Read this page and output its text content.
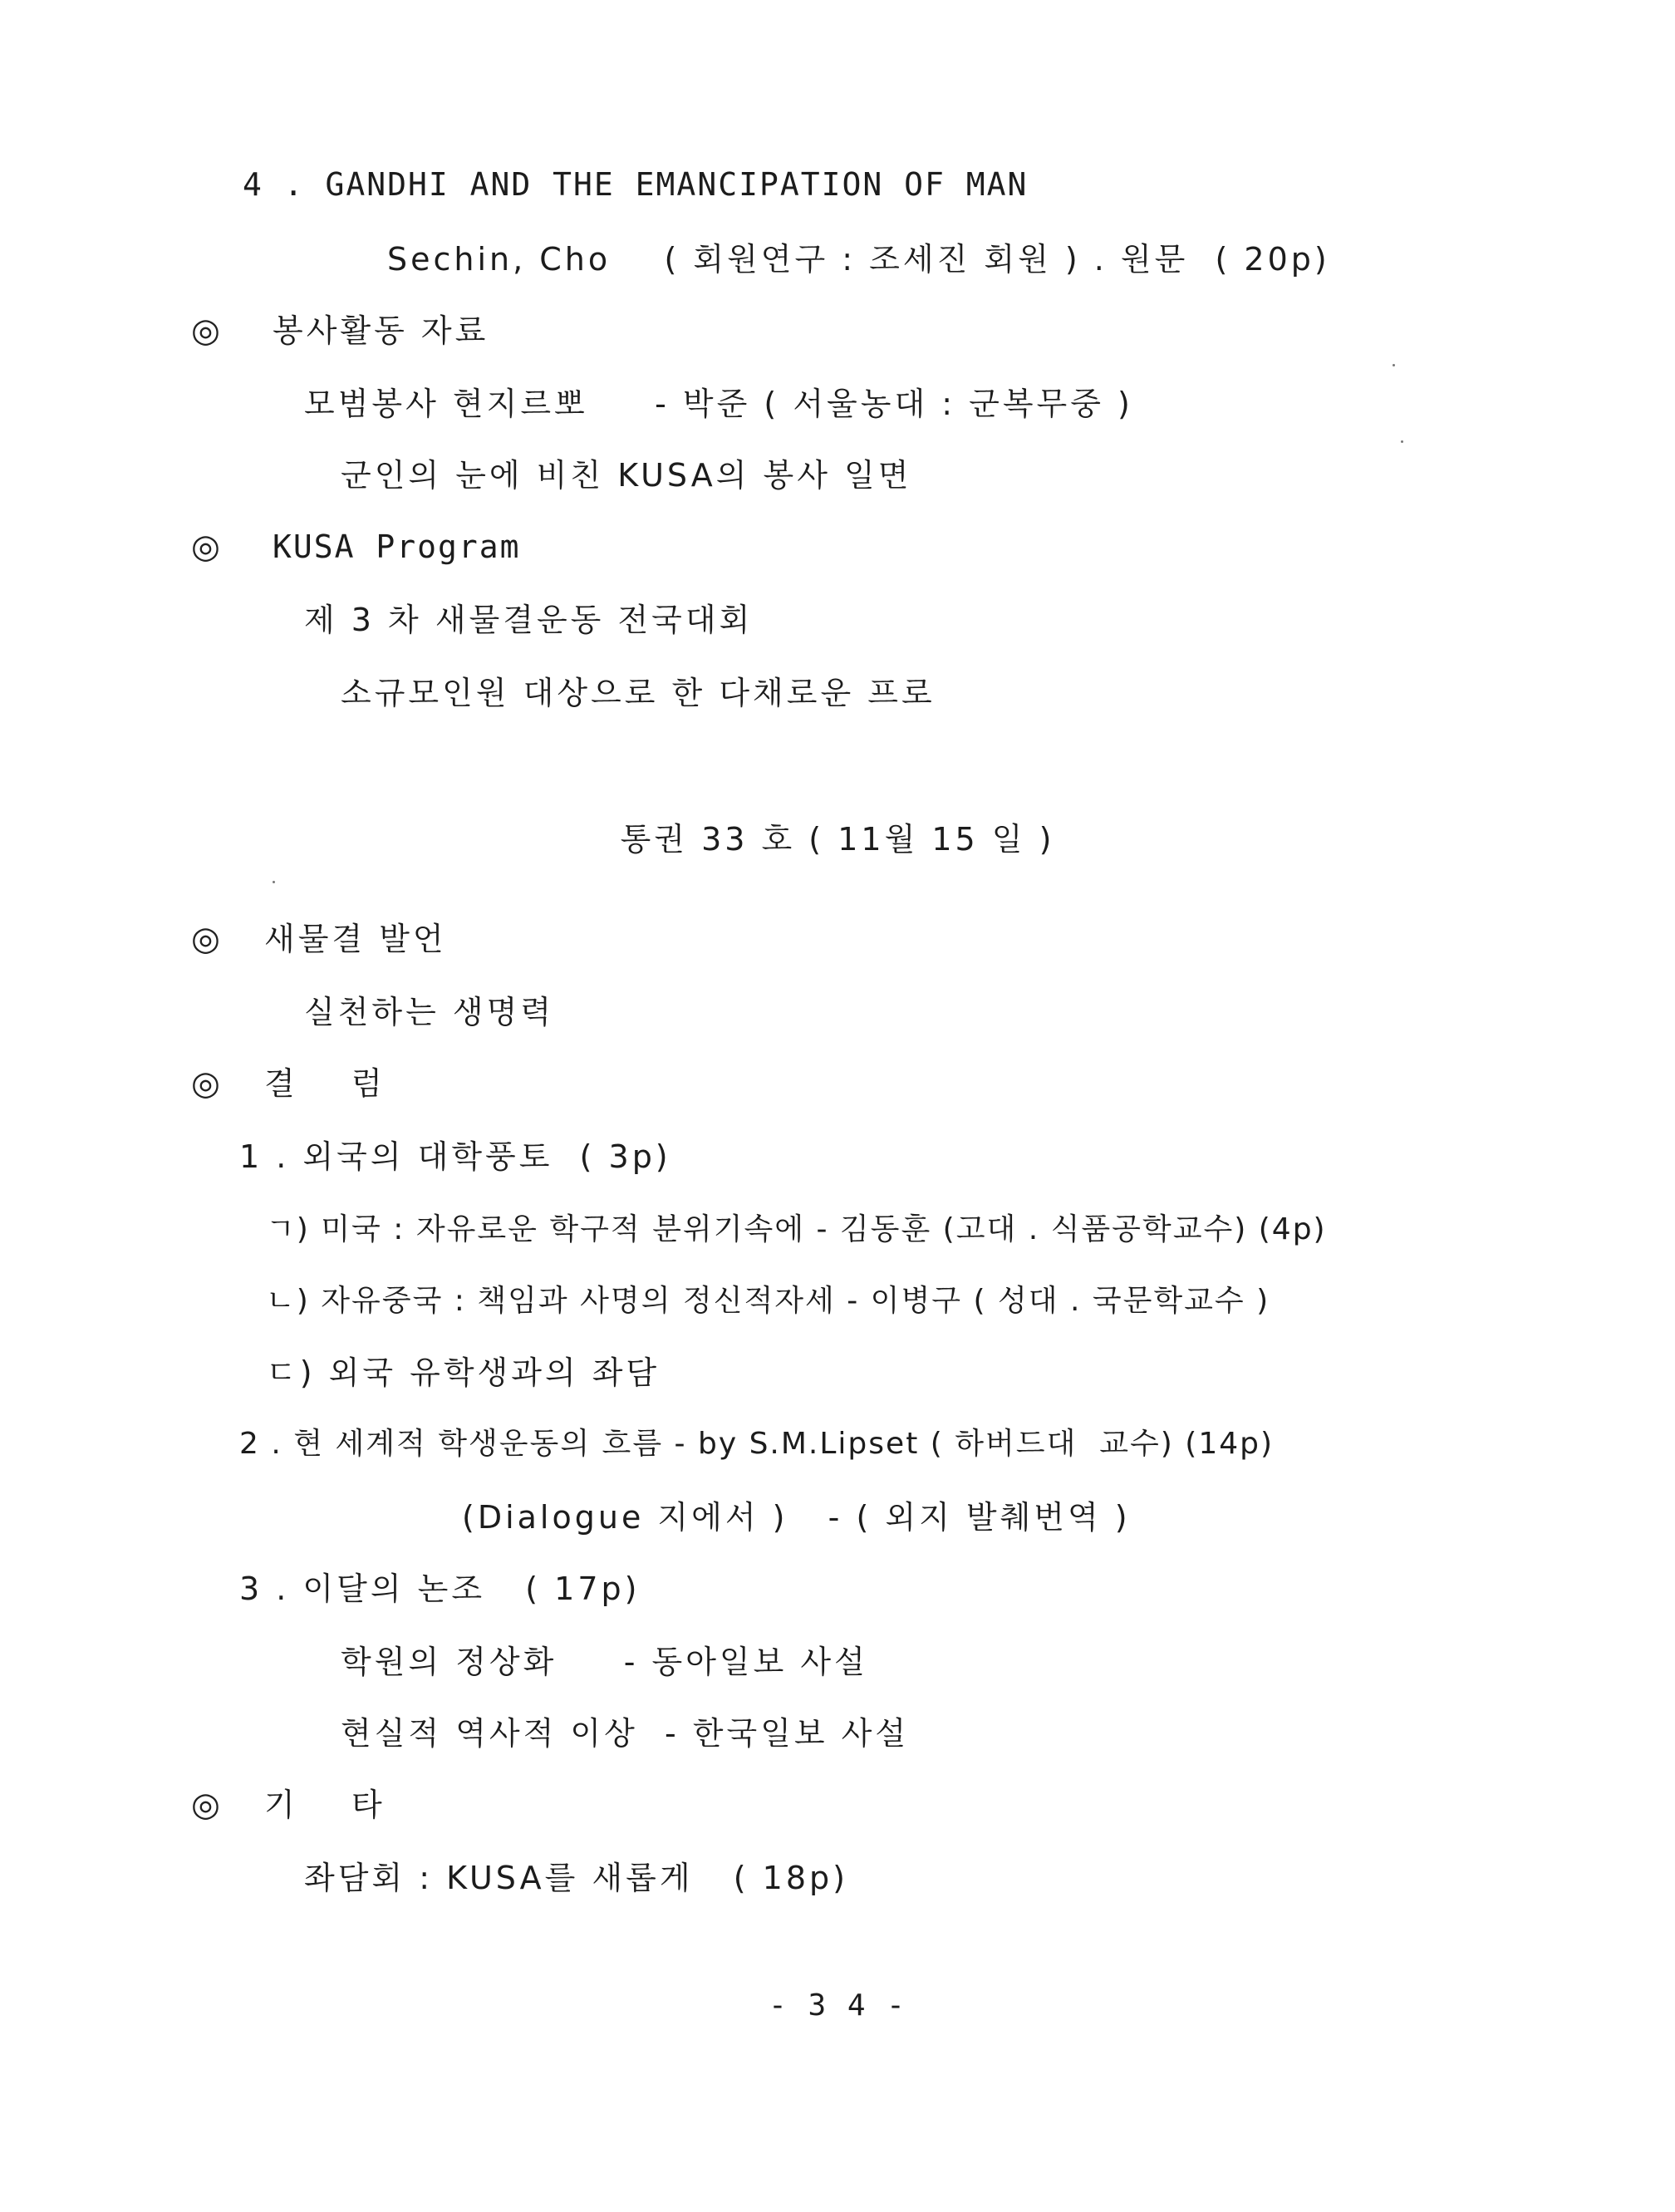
4 . GANDHI AND THE EMANCIPATION OF MAN
Sechin, Cho    ( 회원연구 : 조세진 회원 ) . 원문  ( 20p)
◎ 봉사활동 자료
모범봉사 현지르뽀     - 박준 ( 서울농대 : 군복무중 )
군인의 눈에 비친 KUSA의 봉사 일면
◎ KUSA Program
제 3 차 새물결운동 전국대회
소규모인원 대상으로 한 다채로운 프로
통권 33 호 ( 11월 15 일 )
◎ 새물결 발언
실천하는 생명력
◎ 결    럼
1 . 외국의 대학풍토  ( 3p)
ㄱ) 미국 : 자유로운 학구적 분위기속에 - 김동훈 (고대 . 식품공학교수) (4p)
ㄴ) 자유중국 : 책임과 사명의 정신적자세 - 이병구 ( 성대 . 국문학교수 )
ㄷ) 외국 유학생과의 좌담
2 . 현 세계적 학생운동의 흐름 - by S.M.Lipset ( 하버드대  교수) (14p)
(Dialogue 지에서 )   - ( 외지 발췌번역 )
3 . 이달의 논조   ( 17p)
학원의 정상화     - 동아일보 사설
현실적 역사적 이상  - 한국일보 사설
◎ 기    타
좌담회 : KUSA를 새롭게   ( 18p)
- 3 4 -
